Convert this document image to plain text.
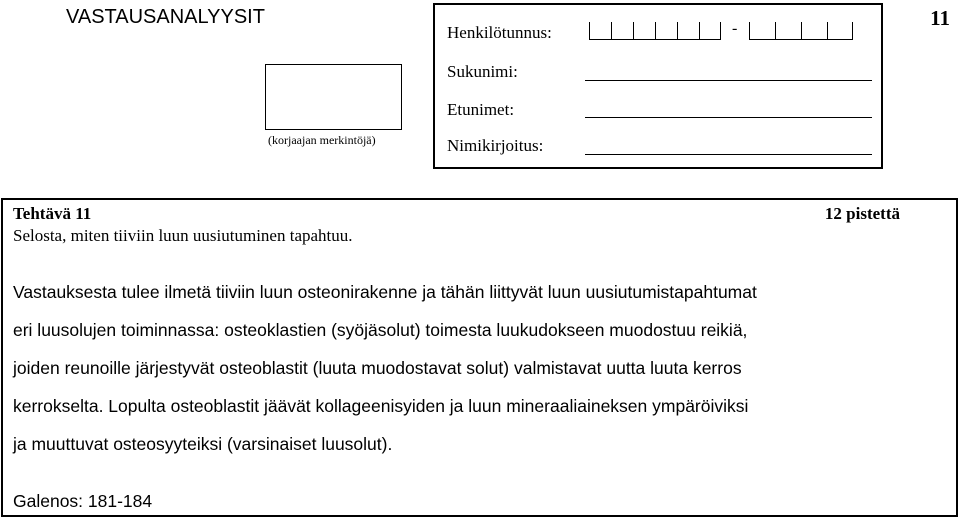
VASTAUSANALYYSIT	11
(korjaajan merkintöjä)
Henkilötunnus:	-
Sukunimi:
Etunimet:
Nimikirjoitus:
Tehtävä 11	12 pistettä
Selosta, miten tiiviin luun uusiutuminen tapahtuu.
Vastauksesta tulee ilmetä tiiviin luun osteonirakenne ja tähän liittyvät luun uusiutumistapahtumat
eri luusolujen toiminnassa: osteoklastien (syöjäsolut) toimesta luukudokseen muodostuu reikiä,
joiden reunoille järjestyvät osteoblastit (luuta muodostavat solut) valmistavat uutta luuta kerros
kerrokselta. Lopulta osteoblastit jäävät kollageenisyiden ja luun mineraaliaineksen ympäröiviksi
ja muuttuvat osteosyyteiksi (varsinaiset luusolut).
Galenos: 181-184
